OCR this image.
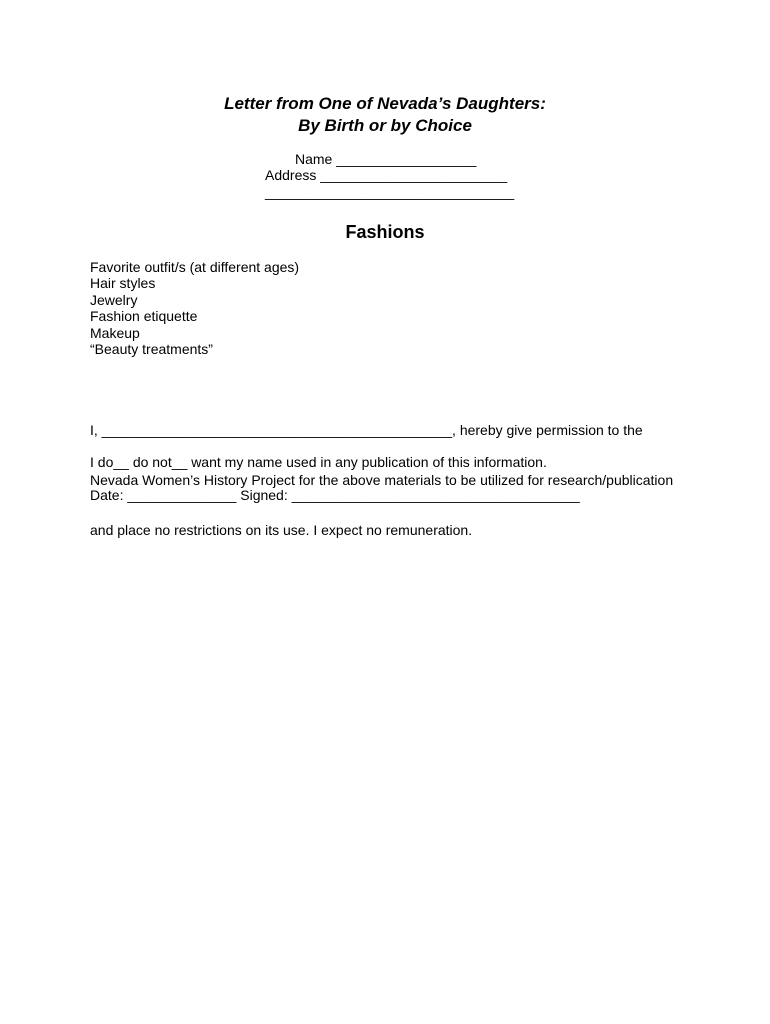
Letter from One of Nevada’s Daughters:
By Birth or by Choice
Name __________________
Address ________________________
________________________________
Fashions
Favorite outfit/s (at different ages)
Hair styles
Jewelry
Fashion etiquette
Makeup
“Beauty treatments”

I, _____________________________________________, hereby give permission to the

Nevada Women’s History Project for the above materials to be utilized for research/publication

and place no restrictions on its use. I expect no remuneration.

I do__ do not__ want my name used in any publication of this information.
Date: ______________ Signed: _____________________________________
